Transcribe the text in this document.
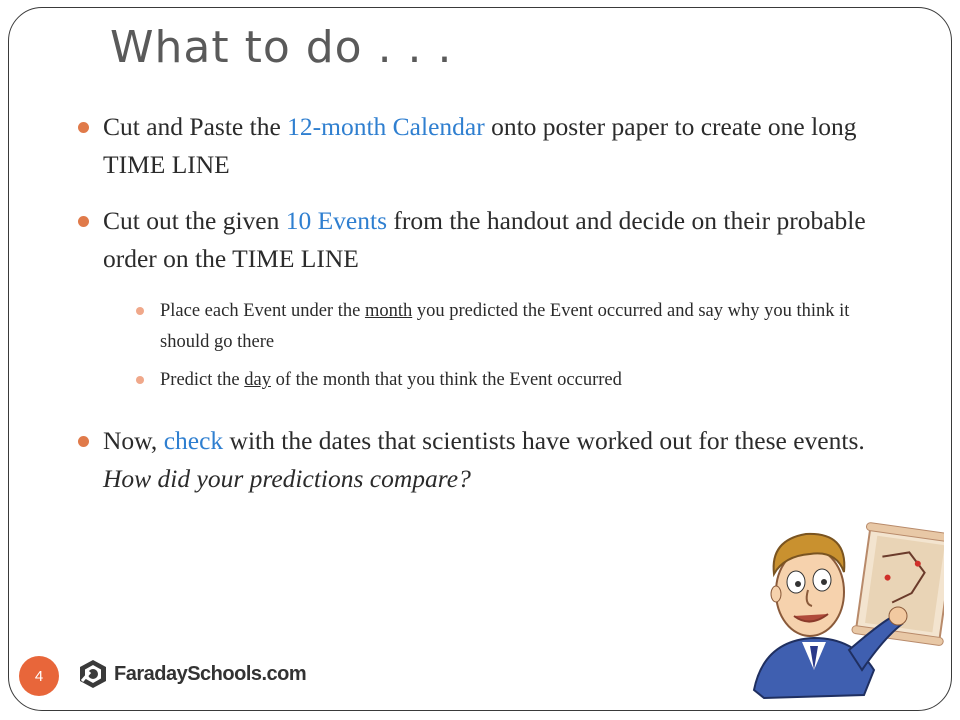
What to do . . .
Cut and Paste the 12-month Calendar onto poster paper to create one long TIME LINE
Cut out the given 10 Events from the handout and decide on their probable order on the TIME LINE
Place each Event under the month you predicted the Event occurred and say why you think it should go there
Predict the day of the month that you think the Event occurred
Now, check with the dates that scientists have worked out for these events. How did your predictions compare?
4	FaradaySchools.com
